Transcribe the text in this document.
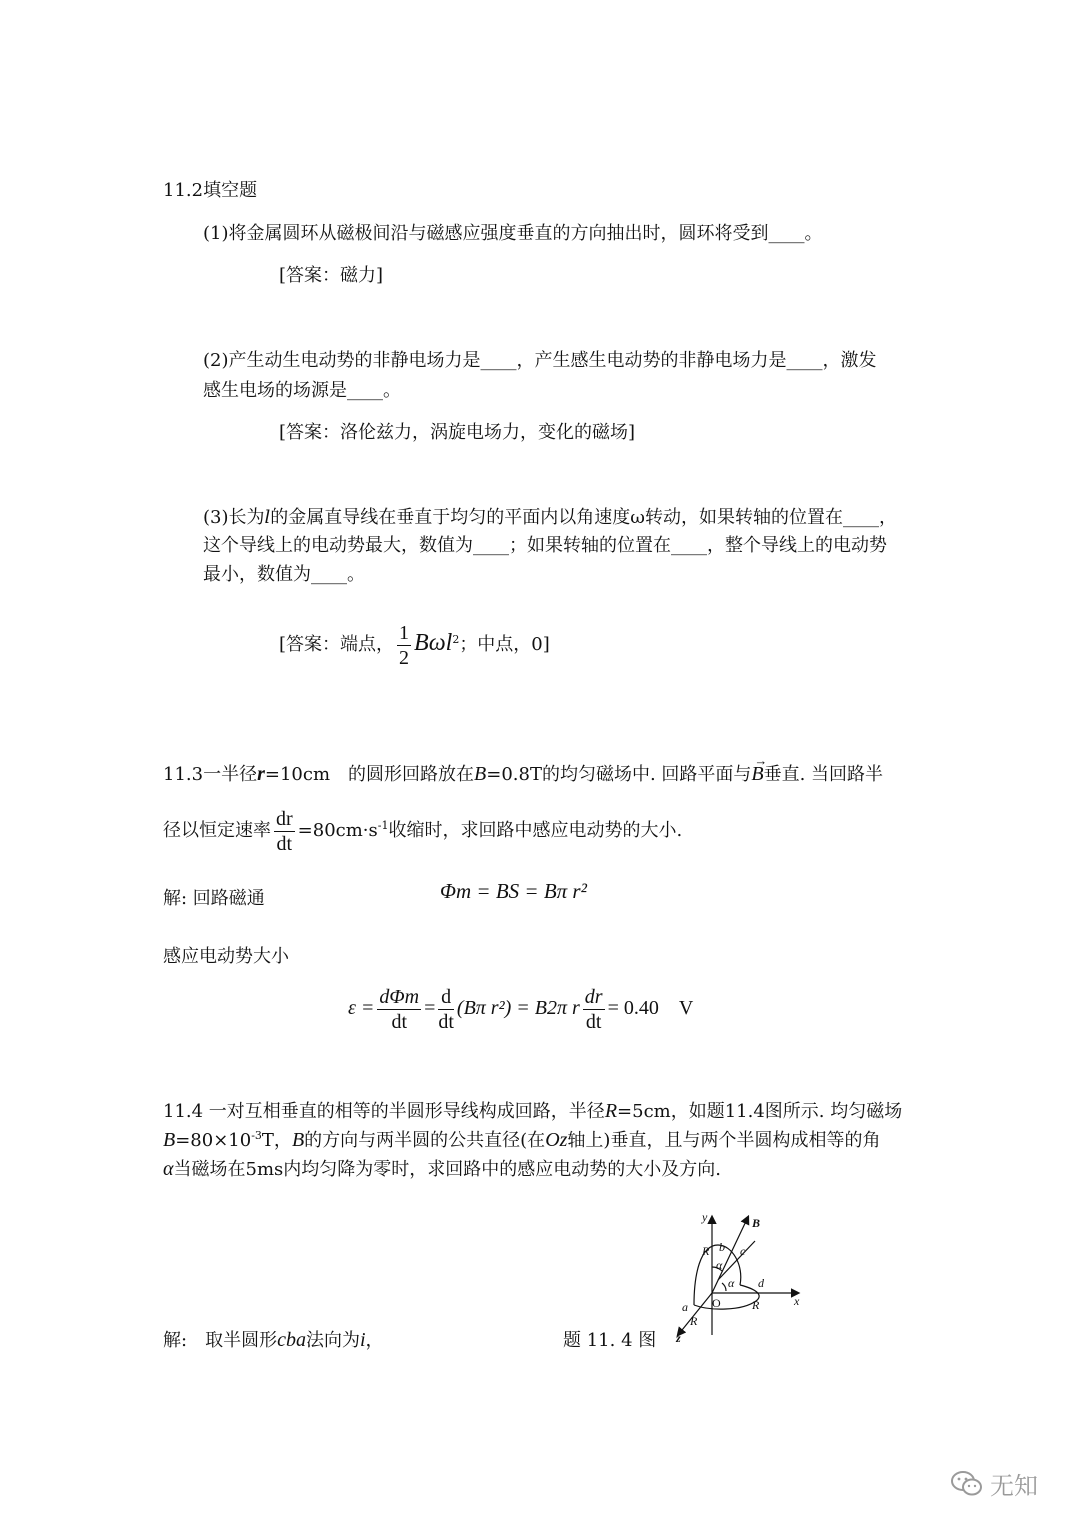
11.2填空题
(1)将金属圆环从磁极间沿与磁感应强度垂直的方向抽出时，圆环将受到____。
[答案：磁力]
(2)产生动生电动势的非静电场力是____，产生感生电动势的非静电场力是____，激发
感生电场的场源是____。
[答案：洛伦兹力，涡旋电场力，变化的磁场]
(3)长为l的金属直导线在垂直于均匀的平面内以角速度ω转动，如果转轴的位置在____，
这个导线上的电动势最大，数值为____；如果转轴的位置在____，整个导线上的电动势
最小，数值为____。
[答案：端点， $\frac{1}{2} B\omega l^2$；中点，0]
11.3一半径r=10cm　的圆形回路放在B=0.8T的均匀磁场中. 回路平面与
→
B垂直. 当回路半
径以恒定速率 $\frac{dr}{dt} =80cm\cdot s^{-1}$收缩时，求回路中感应电动势的大小.
解: 回路磁通	Φm = BS = Bπ r²
感应电动势大小
$\varepsilon = \frac{\text{dΦm}}{dt} = \frac{d}{dt} (B\pi$ r²) = B2π r $\frac{dr}{dt} = 0.40$　V
11.4 一对互相垂直的相等的半圆形导线构成回路，半径R=5cm，如题11.4图所示. 均匀磁场
$B=80\times 10^{-3}T$，B的方向与两半圆的公共直径(在Oz轴上)垂直，且与两个半圆构成相等的角
α当磁场在5ms内均匀降为零时，求回路中的感应电动势的大小及方向.
y	B
R b c
α
α d
O
a	R	x
R
z
解:　取半圆形cba法向为i，	题 11. 4 图
无知
